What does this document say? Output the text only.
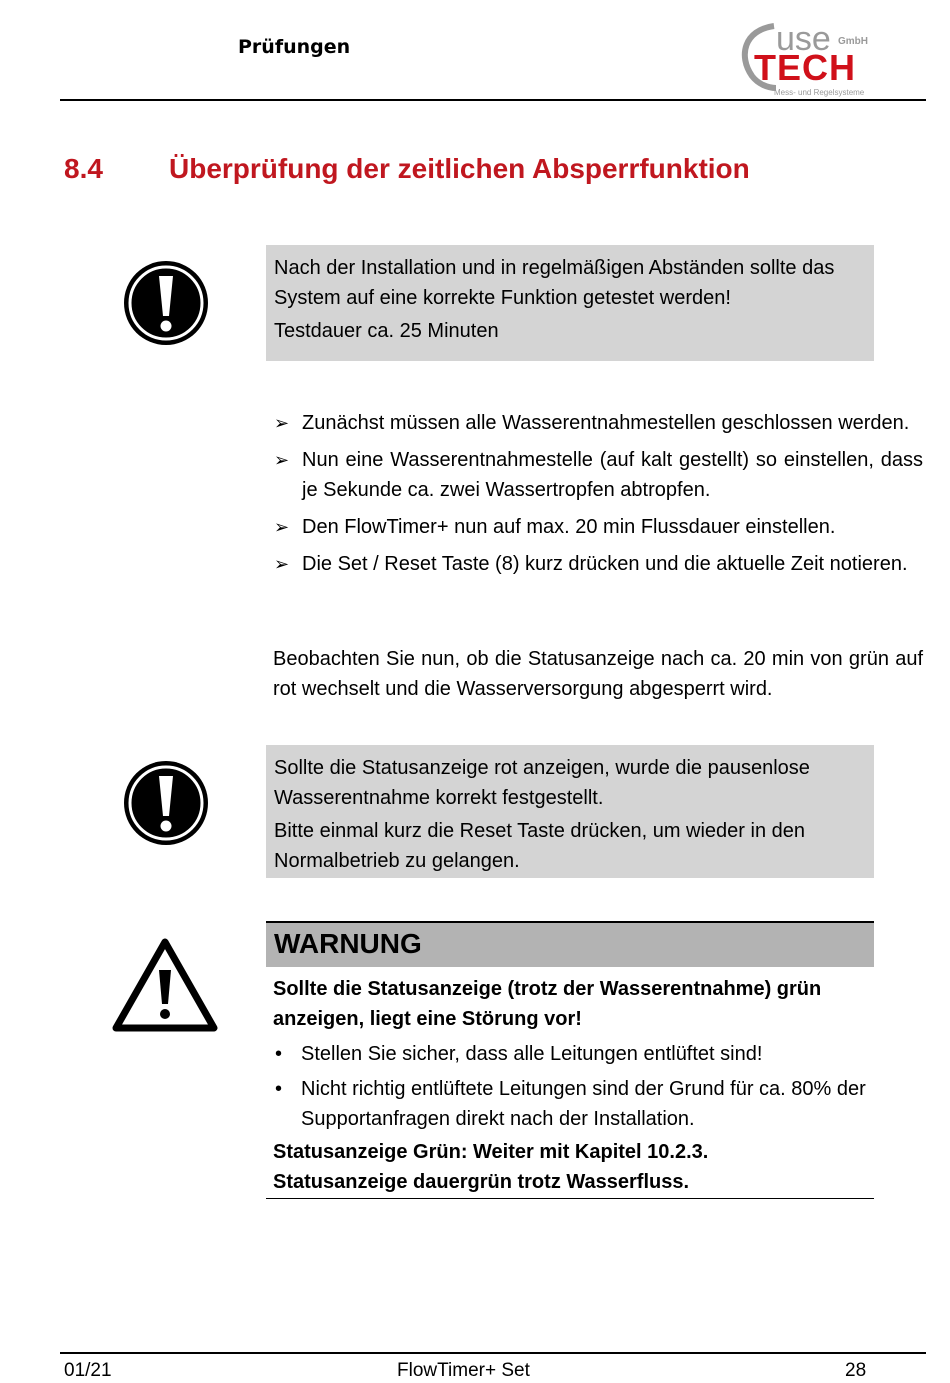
Prüfungen	use GmbH
TECH
Mess- und Regelsysteme
8.4 Überprüfung der zeitlichen Absperrfunktion

Nach der Installation und in regelmäßigen Abständen sollte das System auf eine korrekte Funktion getestet werden!

Testdauer ca. 25 Minuten

➢ Zunächst müssen alle Wasserentnahmestellen geschlossen werden.
➢ Nun eine Wasserentnahmestelle (auf kalt gestellt) so einstellen, dass je Sekunde ca. zwei Wassertropfen abtropfen.
➢ Den FlowTimer+ nun auf max. 20 min Flussdauer einstellen.
➢ Die Set / Reset Taste (8) kurz drücken und die aktuelle Zeit notieren.

Beobachten Sie nun, ob die Statusanzeige nach ca. 20 min von grün auf rot wechselt und die Wasserversorgung abgesperrt wird.

Sollte die Statusanzeige rot anzeigen, wurde die pausenlose Wasserentnahme korrekt festgestellt.

Bitte einmal kurz die Reset Taste drücken, um wieder in den Normalbetrieb zu gelangen.

WARNUNG

Sollte die Statusanzeige (trotz der Wasserentnahme) grün anzeigen, liegt eine Störung vor!

• Stellen Sie sicher, dass alle Leitungen entlüftet sind!
• Nicht richtig entlüftete Leitungen sind der Grund für ca. 80% der Supportanfragen direkt nach der Installation.
Statusanzeige Grün: Weiter mit Kapitel 10.2.3.
Statusanzeige dauergrün trotz Wasserfluss.
01/21	FlowTimer+ Set	28
